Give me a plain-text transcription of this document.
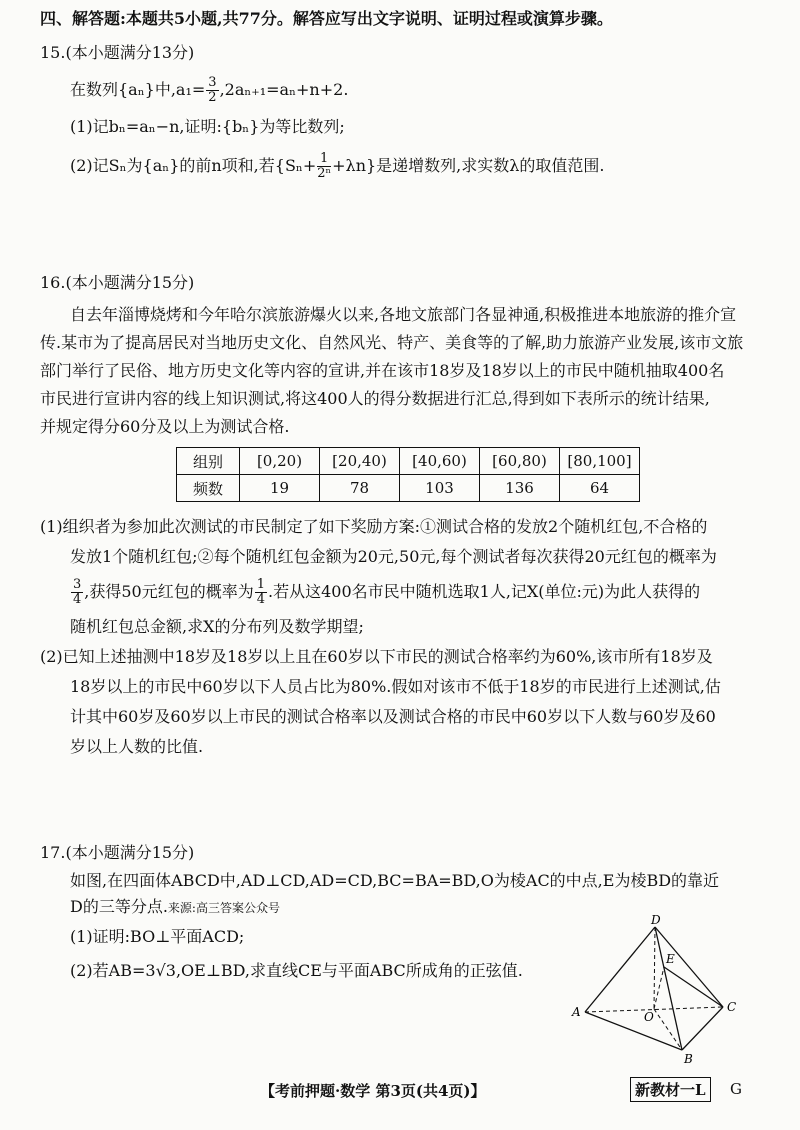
四、解答题:本题共5小题,共77分。解答应写出文字说明、证明过程或演算步骤。
15.(本小题满分13分)
在数列{aₙ}中$,a_1= \frac{3}{2} ,2a_{n+1}=a_n+n+2$.
(1)记bₙ=aₙ−n,证明:{bₙ}为等比数列;
(2)记Sₙ为{aₙ}的前n项和,若$\{S_n+ \frac{1}{\text{2ⁿ}} +\lambda n\}$是递增数列,求实数λ的取值范围.
16.(本小题满分15分)
自去年淄博烧烤和今年哈尔滨旅游爆火以来,各地文旅部门各显神通,积极推进本地旅游的推介宣
传.某市为了提高居民对当地历史文化、自然风光、特产、美食等的了解,助力旅游产业发展,该市文旅
部门举行了民俗、地方历史文化等内容的宣讲,并在该市18岁及18岁以上的市民中随机抽取400名
市民进行宣讲内容的线上知识测试,将这400人的得分数据进行汇总,得到如下表所示的统计结果,
并规定得分60分及以上为测试合格.
组别	[0,20)	[20,40)	[40,60)	[60,80)	[80,100]
频数	19	78	103	136	64
(1)组织者为参加此次测试的市民制定了如下奖励方案:①测试合格的发放2个随机红包,不合格的
发放1个随机红包;②每个随机红包金额为20元,50元,每个测试者每次获得20元红包的概率为
$\frac{3}{4}$ ,获得50元红包的概率为 $\frac{1}{4}$ .若从这400名市民中随机选取1人,记X(单位:元)为此人获得的
随机红包总金额,求X的分布列及数学期望;
(2)已知上述抽测中18岁及18岁以上且在60岁以下市民的测试合格率约为60%,该市所有18岁及
18岁以上的市民中60岁以下人员占比为80%.假如对该市不低于18岁的市民进行上述测试,估
计其中60岁及60岁以上市民的测试合格率以及测试合格的市民中60岁以下人数与60岁及60
岁以上人数的比值.
17.(本小题满分15分)
如图,在四面体ABCD中,AD⊥CD,AD=CD,BC=BA=BD,O为棱AC的中点,E为棱BD的靠近
D的三等分点.来源:高三答案公众号
(1)证明:BO⊥平面ACD;
(2)若AB=3√3,OE⊥BD,求直线CE与平面ABC所成角的正弦值.
D
E
A	C
O
B
【考前押题·数学 第3页(共4页)】	新教材一L	G
